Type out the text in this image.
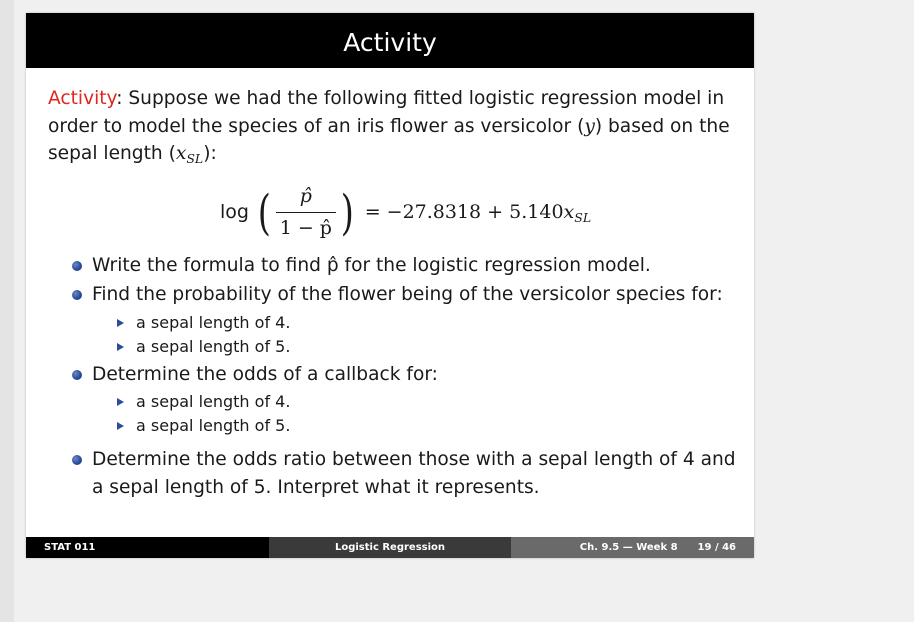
Activity

Activity: Suppose we had the following fitted logistic regression model in order to model the species of an iris flower as versicolor (y) based on the sepal length $(x_{SL})$:

log ( $\frac{p̂}{1 - p̂}$ ) = $-27.8318 + 5.140x_{SL}$
Write the formula to find p̂ for the logistic regression model.
Find the probability of the flower being of the versicolor species for:
a sepal length of 4.
a sepal length of 5.
Determine the odds of a callback for:
a sepal length of 4.
a sepal length of 5.
Determine the odds ratio between those with a sepal length of 4 and a sepal length of 5. Interpret what it represents.
STAT 011	Logistic Regression	Ch. 9.5 — Week 8 19 / 46
